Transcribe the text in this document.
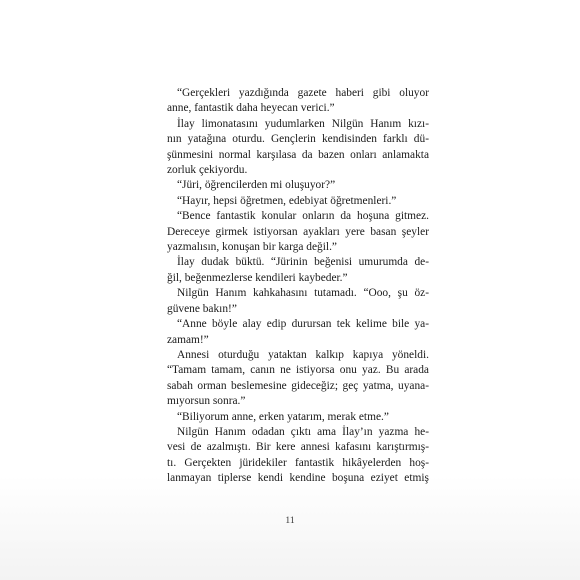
“Gerçekleri yazdığında gazete haberi gibi oluyor
anne, fantastik daha heyecan verici.”

İlay limonatasını yudumlarken Nilgün Hanım kızı-
nın yatağına oturdu. Gençlerin kendisinden farklı dü-
şünmesini normal karşılasa da bazen onları anlamakta
zorluk çekiyordu.

“Jüri, öğrencilerden mi oluşuyor?”

“Hayır, hepsi öğretmen, edebiyat öğretmenleri.”

“Bence fantastik konular onların da hoşuna gitmez.
Dereceye girmek istiyorsan ayakları yere basan şeyler
yazmalısın, konuşan bir karga değil.”

İlay dudak büktü. “Jürinin beğenisi umurumda de-
ğil, beğenmezlerse kendileri kaybeder.”

Nilgün Hanım kahkahasını tutamadı. “Ooo, şu öz-
güvene bakın!”

“Anne böyle alay edip durursan tek kelime bile ya-
zamam!”

Annesi oturduğu yataktan kalkıp kapıya yöneldi.
“Tamam tamam, canın ne istiyorsa onu yaz. Bu arada
sabah orman beslemesine gideceğiz; geç yatma, uyana-
mıyorsun sonra.”

“Biliyorum anne, erken yatarım, merak etme.”

Nilgün Hanım odadan çıktı ama İlay’ın yazma he-
vesi de azalmıştı. Bir kere annesi kafasını karıştırmış-
tı. Gerçekten jüridekiler fantastik hikâyelerden hoş-
lanmayan tiplerse kendi kendine boşuna eziyet etmiş

11
